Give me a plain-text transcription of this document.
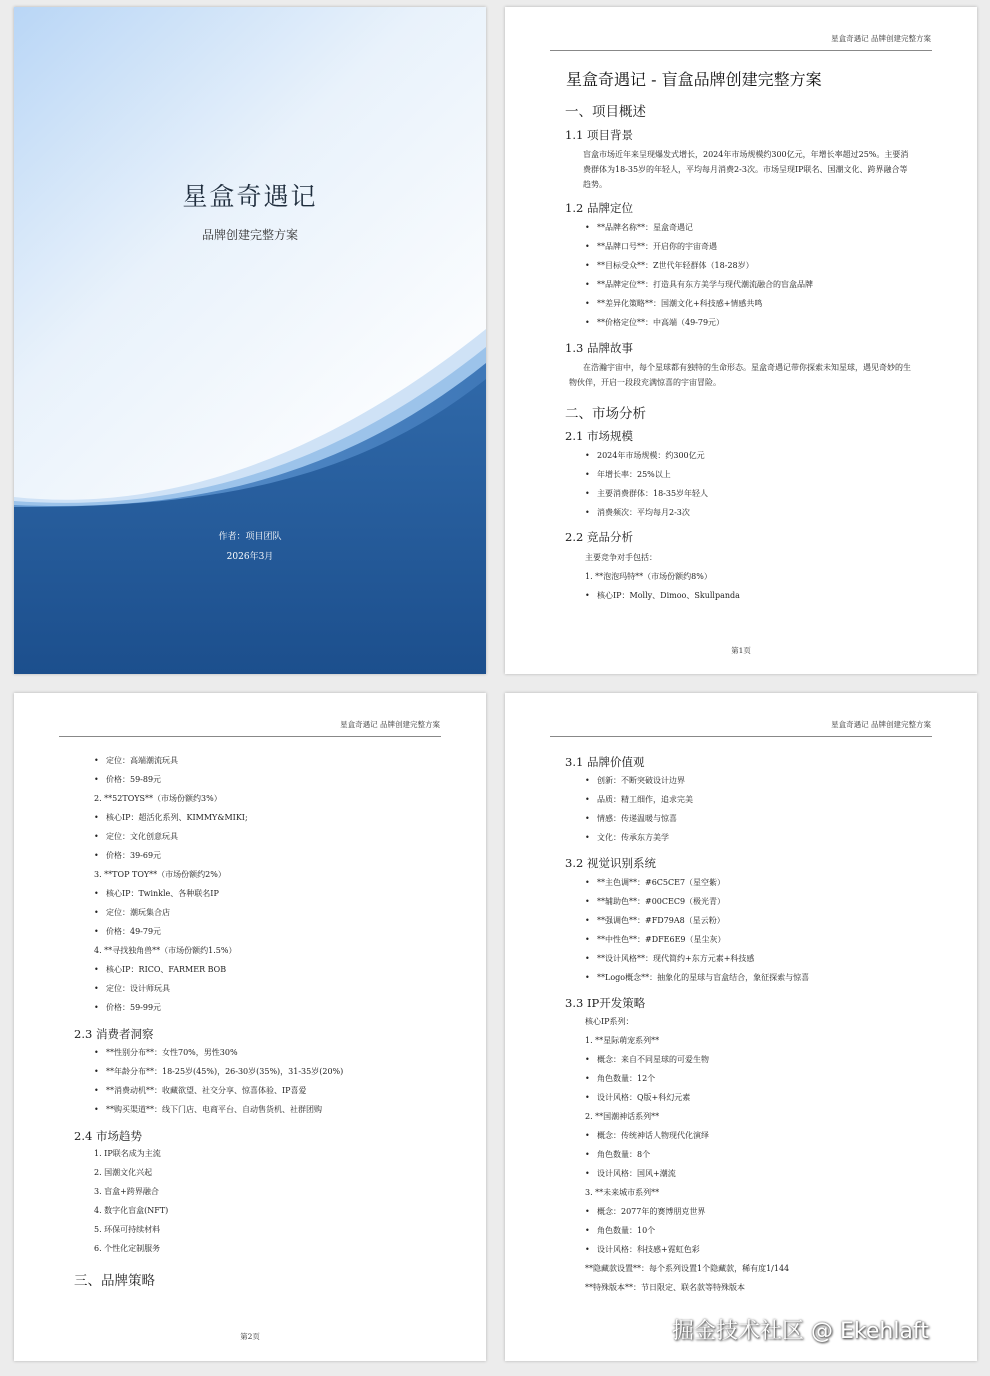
星盒奇遇记
品牌创建完整方案
作者：项目团队
2026年3月
星盒奇遇记 品牌创建完整方案
星盒奇遇记 - 盲盒品牌创建完整方案
一、项目概述
1.1 项目背景
盲盒市场近年来呈现爆发式增长，2024年市场规模约300亿元，年增长率超过25%。主要消费群体为18-35岁的年轻人，平均每月消费2-3次。市场呈现IP联名、国潮文化、跨界融合等趋势。
1.2 品牌定位
• **品牌名称**：星盒奇遇记
• **品牌口号**：开启你的宇宙奇遇
• **目标受众**：Z世代年轻群体（18-28岁）
• **品牌定位**：打造具有东方美学与现代潮流融合的盲盒品牌
• **差异化策略**：国潮文化+科技感+情感共鸣
• **价格定位**：中高端（49-79元）
1.3 品牌故事
在浩瀚宇宙中，每个星球都有独特的生命形态。星盒奇遇记带你探索未知星球，遇见奇妙的生物伙伴，开启一段段充满惊喜的宇宙冒险。
二、市场分析
2.1 市场规模
• 2024年市场规模：约300亿元
• 年增长率：25%以上
• 主要消费群体：18-35岁年轻人
• 消费频次：平均每月2-3次
2.2 竞品分析
主要竞争对手包括：
1. **泡泡玛特**（市场份额约8%）
• 核心IP：Molly、Dimoo、Skullpanda
第1页
星盒奇遇记 品牌创建完整方案
• 定位：高端潮流玩具
• 价格：59-89元
2. **52TOYS**（市场份额约3%）
• 核心IP：超活化系列、KIMMY&MIKI;
• 定位：文化创意玩具
• 价格：39-69元
3. **TOP TOY**（市场份额约2%）
• 核心IP：Twinkle、各种联名IP
• 定位：潮玩集合店
• 价格：49-79元
4. **寻找独角兽**（市场份额约1.5%）
• 核心IP：RICO、FARMER BOB
• 定位：设计师玩具
• 价格：59-99元
2.3 消费者洞察
• **性别分布**：女性70%，男性30%
• **年龄分布**：18-25岁(45%)，26-30岁(35%)，31-35岁(20%)
• **消费动机**：收藏欲望、社交分享、惊喜体验、IP喜爱
• **购买渠道**：线下门店、电商平台、自动售货机、社群团购
2.4 市场趋势
1. IP联名成为主流
2. 国潮文化兴起
3. 盲盒+跨界融合
4. 数字化盲盒(NFT)
5. 环保可持续材料
6. 个性化定制服务
三、品牌策略
第2页
星盒奇遇记 品牌创建完整方案
3.1 品牌价值观
• 创新：不断突破设计边界
• 品质：精工细作，追求完美
• 情感：传递温暖与惊喜
• 文化：传承东方美学
3.2 视觉识别系统
• **主色调**：#6C5CE7（星空紫）
• **辅助色**：#00CEC9（极光青）
• **强调色**：#FD79A8（星云粉）
• **中性色**：#DFE6E9（星尘灰）
• **设计风格**：现代简约+东方元素+科技感
• **Logo概念**：抽象化的星球与盲盒结合，象征探索与惊喜
3.3 IP开发策略
核心IP系列：
1. **星际萌宠系列**
• 概念：来自不同星球的可爱生物
• 角色数量：12个
• 设计风格：Q版+科幻元素
2. **国潮神话系列**
• 概念：传统神话人物现代化演绎
• 角色数量：8个
• 设计风格：国风+潮流
3. **未来城市系列**
• 概念：2077年的赛博朋克世界
• 角色数量：10个
• 设计风格：科技感+霓虹色彩
**隐藏款设置**：每个系列设置1个隐藏款，稀有度1/144
**特殊版本**：节日限定、联名款等特殊版本
掘金技术社区 @ Ekehlaft
